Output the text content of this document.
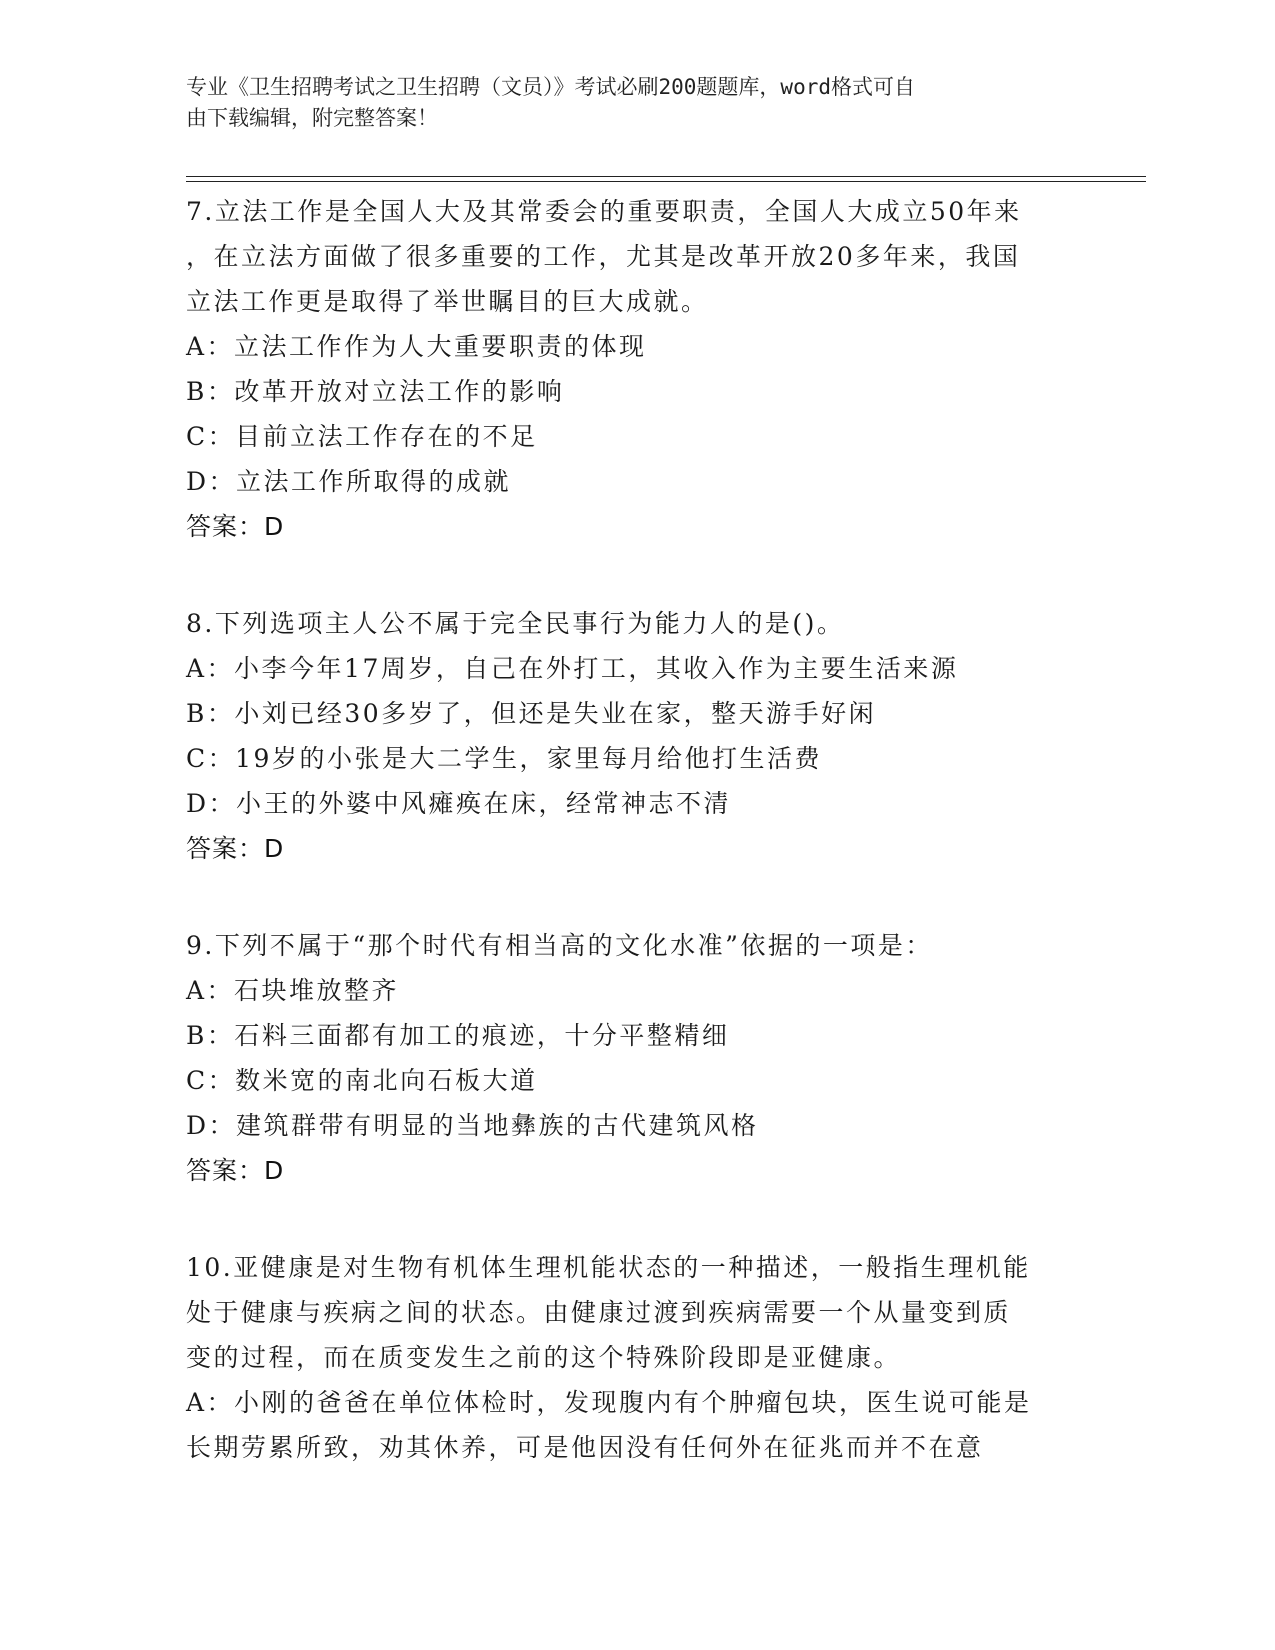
专业《卫生招聘考试之卫生招聘（文员）》考试必刷200题题库，word格式可自
由下载编辑，附完整答案！
7.立法工作是全国人大及其常委会的重要职责，全国人大成立50年来
，在立法方面做了很多重要的工作，尤其是改革开放20多年来，我国
立法工作更是取得了举世瞩目的巨大成就。
A：立法工作作为人大重要职责的体现
B：改革开放对立法工作的影响
C：目前立法工作存在的不足
D：立法工作所取得的成就
答案：D
8.下列选项主人公不属于完全民事行为能力人的是()。
A：小李今年17周岁，自己在外打工，其收入作为主要生活来源
B：小刘已经30多岁了，但还是失业在家，整天游手好闲
C：19岁的小张是大二学生，家里每月给他打生活费
D：小王的外婆中风瘫痪在床，经常神志不清
答案：D
9.下列不属于“那个时代有相当高的文化水准”依据的一项是：
A：石块堆放整齐
B：石料三面都有加工的痕迹，十分平整精细
C：数米宽的南北向石板大道
D：建筑群带有明显的当地彝族的古代建筑风格
答案：D
10.亚健康是对生物有机体生理机能状态的一种描述，一般指生理机能
处于健康与疾病之间的状态。由健康过渡到疾病需要一个从量变到质
变的过程，而在质变发生之前的这个特殊阶段即是亚健康。
A：小刚的爸爸在单位体检时，发现腹内有个肿瘤包块，医生说可能是
长期劳累所致，劝其休养，可是他因没有任何外在征兆而并不在意
